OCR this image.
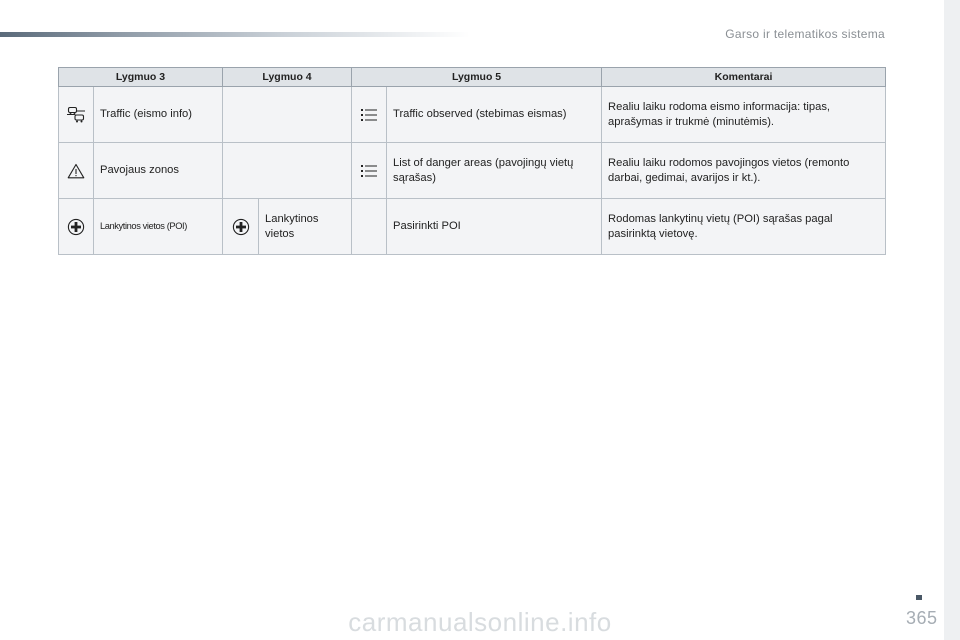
Garso ir telematikos sistema
Lygmuo 3		Lygmuo 4		Lygmuo 5		Komentarai
	Traffic (eismo info)				Traffic observed (stebimas eismas)	Realiu laiku rodoma eismo informacija: tipas, aprašymas ir trukmė (minutėmis).
	Pavojaus zonos				List of danger areas (pavojingų vietų sąrašas)	Realiu laiku rodomos pavojingos vietos (remonto darbai, gedimai, avarijos ir kt.).
	Lankytinos vietos (POI)		Lankytinos vietos		Pasirinkti POI	Rodomas lankytinų vietų (POI) sąrašas pagal pasirinktą vietovę.
carmanualsonline.info	365
